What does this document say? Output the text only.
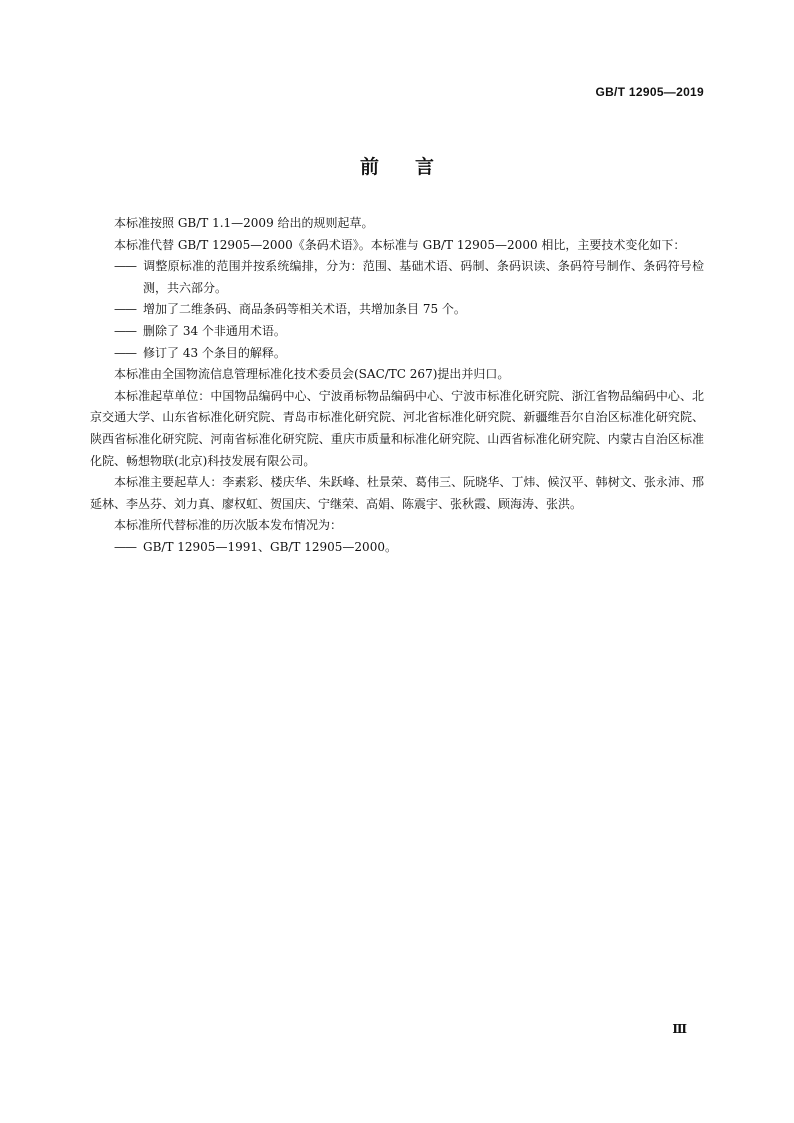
GB/T 12905—2019
前言

本标准按照 GB/T 1.1—2009 给出的规则起草。

本标准代替 GB/T 12905—2000《条码术语》。本标准与 GB/T 12905—2000 相比，主要技术变化如下：

—— 调整原标准的范围并按系统编排，分为：范围、基础术语、码制、条码识读、条码符号制作、条码符号检测，共六部分。

—— 增加了二维条码、商品条码等相关术语，共增加条目 75 个。

—— 删除了 34 个非通用术语。

—— 修订了 43 个条目的解释。

本标准由全国物流信息管理标准化技术委员会(SAC/TC 267)提出并归口。

本标准起草单位：中国物品编码中心、宁波甬标物品编码中心、宁波市标准化研究院、浙江省物品编码中心、北京交通大学、山东省标准化研究院、青岛市标准化研究院、河北省标准化研究院、新疆维吾尔自治区标准化研究院、陕西省标准化研究院、河南省标准化研究院、重庆市质量和标准化研究院、山西省标准化研究院、内蒙古自治区标准化院、畅想物联(北京)科技发展有限公司。

本标准主要起草人：李素彩、楼庆华、朱跃峰、杜景荣、葛伟三、阮晓华、丁炜、候汉平、韩树文、张永沛、邢延林、李丛芬、刘力真、廖权虹、贺国庆、宁继荣、高娟、陈震宇、张秋霞、顾海涛、张洪。

本标准所代替标准的历次版本发布情况为：

—— GB/T 12905—1991、GB/T 12905—2000。

Ⅲ
